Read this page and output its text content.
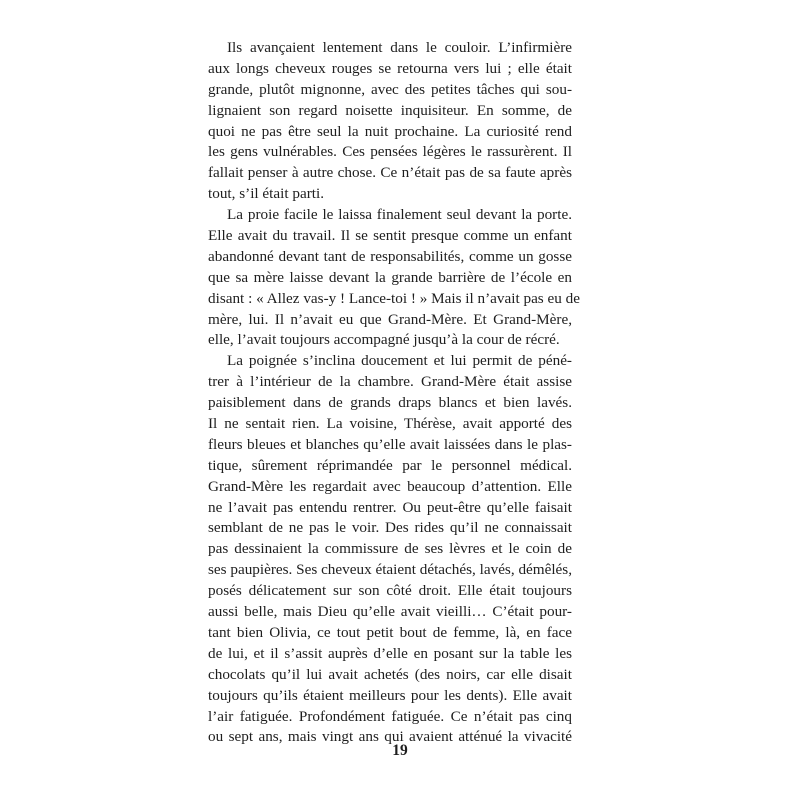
Ils avançaient lentement dans le couloir. L’infirmière
aux longs cheveux rouges se retourna vers lui ; elle était
grande, plutôt mignonne, avec des petites tâches qui sou-
lignaient son regard noisette inquisiteur. En somme, de
quoi ne pas être seul la nuit prochaine. La curiosité rend
les gens vulnérables. Ces pensées légères le rassurèrent. Il
fallait penser à autre chose. Ce n’était pas de sa faute après
tout, s’il était parti.
La proie facile le laissa finalement seul devant la porte.
Elle avait du travail. Il se sentit presque comme un enfant
abandonné devant tant de responsabilités, comme un gosse
que sa mère laisse devant la grande barrière de l’école en
disant : « Allez vas-y ! Lance-toi ! » Mais il n’avait pas eu de
mère, lui. Il n’avait eu que Grand-Mère. Et Grand-Mère,
elle, l’avait toujours accompagné jusqu’à la cour de récré.
La poignée s’inclina doucement et lui permit de péné-
trer à l’intérieur de la chambre. Grand-Mère était assise
paisiblement dans de grands draps blancs et bien lavés.
Il ne sentait rien. La voisine, Thérèse, avait apporté des
fleurs bleues et blanches qu’elle avait laissées dans le plas-
tique, sûrement réprimandée par le personnel médical.
Grand-Mère les regardait avec beaucoup d’attention. Elle
ne l’avait pas entendu rentrer. Ou peut-être qu’elle faisait
semblant de ne pas le voir. Des rides qu’il ne connaissait
pas dessinaient la commissure de ses lèvres et le coin de
ses paupières. Ses cheveux étaient détachés, lavés, démêlés,
posés délicatement sur son côté droit. Elle était toujours
aussi belle, mais Dieu qu’elle avait vieilli… C’était pour-
tant bien Olivia, ce tout petit bout de femme, là, en face
de lui, et il s’assit auprès d’elle en posant sur la table les
chocolats qu’il lui avait achetés (des noirs, car elle disait
toujours qu’ils étaient meilleurs pour les dents). Elle avait
l’air fatiguée. Profondément fatiguée. Ce n’était pas cinq
ou sept ans, mais vingt ans qui avaient atténué la vivacité
19
